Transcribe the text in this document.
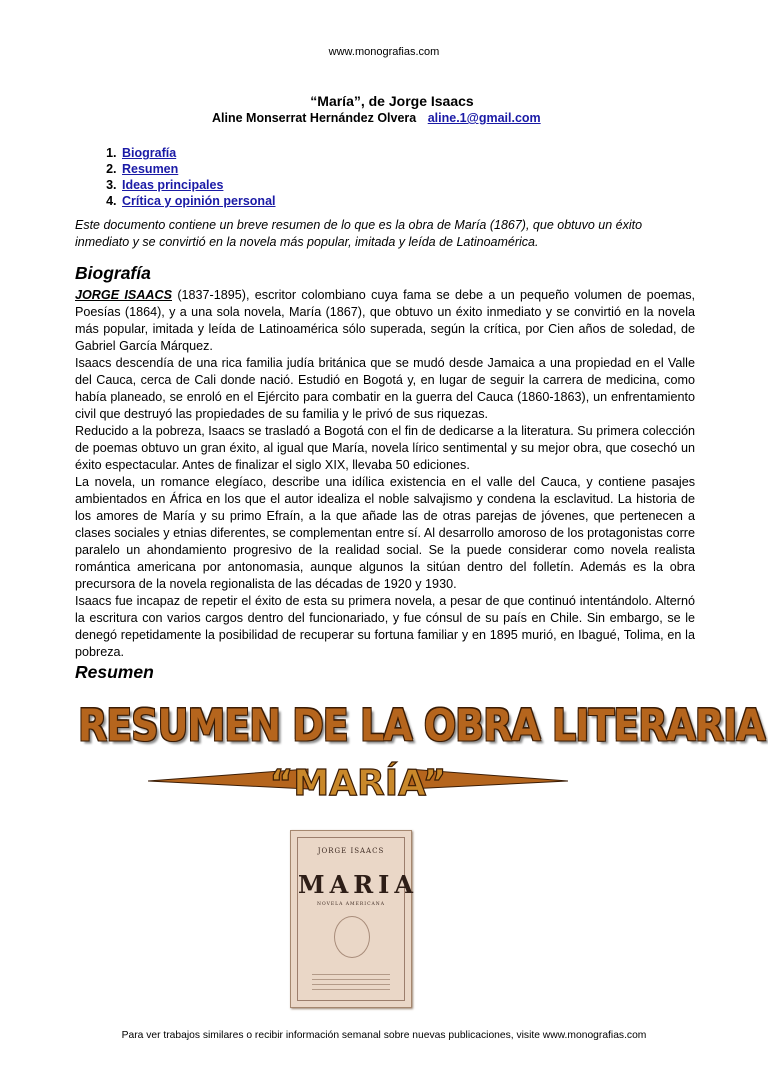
www.monografias.com
“María”, de Jorge Isaacs
Aline Monserrat Hernández Olvera aline.1@gmail.com
1. Biografía
2. Resumen
3. Ideas principales
4. Crítica y opinión personal
Este documento contiene un breve resumen de lo que es la obra de María (1867), que obtuvo un éxito inmediato y se convirtió en la novela más popular, imitada y leída de Latinoamérica.
Biografía

JORGE ISAACS (1837-1895), escritor colombiano cuya fama se debe a un pequeño volumen de poemas, Poesías (1864), y a una sola novela, María (1867), que obtuvo un éxito inmediato y se convirtió en la novela más popular, imitada y leída de Latinoamérica sólo superada, según la crítica, por Cien años de soledad, de Gabriel García Márquez.

Isaacs descendía de una rica familia judía británica que se mudó desde Jamaica a una propiedad en el Valle del Cauca, cerca de Cali donde nació. Estudió en Bogotá y, en lugar de seguir la carrera de medicina, como había planeado, se enroló en el Ejército para combatir en la guerra del Cauca (1860-1863), un enfrentamiento civil que destruyó las propiedades de su familia y le privó de sus riquezas.

Reducido a la pobreza, Isaacs se trasladó a Bogotá con el fin de dedicarse a la literatura. Su primera colección de poemas obtuvo un gran éxito, al igual que María, novela lírico sentimental y su mejor obra, que cosechó un éxito espectacular. Antes de finalizar el siglo XIX, llevaba 50 ediciones.

La novela, un romance elegíaco, describe una idílica existencia en el valle del Cauca, y contiene pasajes ambientados en África en los que el autor idealiza el noble salvajismo y condena la esclavitud. La historia de los amores de María y su primo Efraín, a la que añade las de otras parejas de jóvenes, que pertenecen a clases sociales y etnias diferentes, se complementan entre sí. Al desarrollo amoroso de los protagonistas corre paralelo un ahondamiento progresivo de la realidad social. Se la puede considerar como novela realista romántica americana por antonomasia, aunque algunos la sitúan dentro del folletín. Además es la obra precursora de la novela regionalista de las décadas de 1920 y 1930.

Isaacs fue incapaz de repetir el éxito de esta su primera novela, a pesar de que continuó intentándolo. Alternó la escritura con varios cargos dentro del funcionariado, y fue cónsul de su país en Chile. Sin embargo, se le denegó repetidamente la posibilidad de recuperar su fortuna familiar y en 1895 murió, en Ibagué, Tolima, en la pobreza.

Resumen
RESUMEN DE LA OBRA LITERARIA
“MARÍA”
JORGE ISAACS
MARIA
NOVELA AMERICANA
Para ver trabajos similares o recibir información semanal sobre nuevas publicaciones, visite www.monografias.com
